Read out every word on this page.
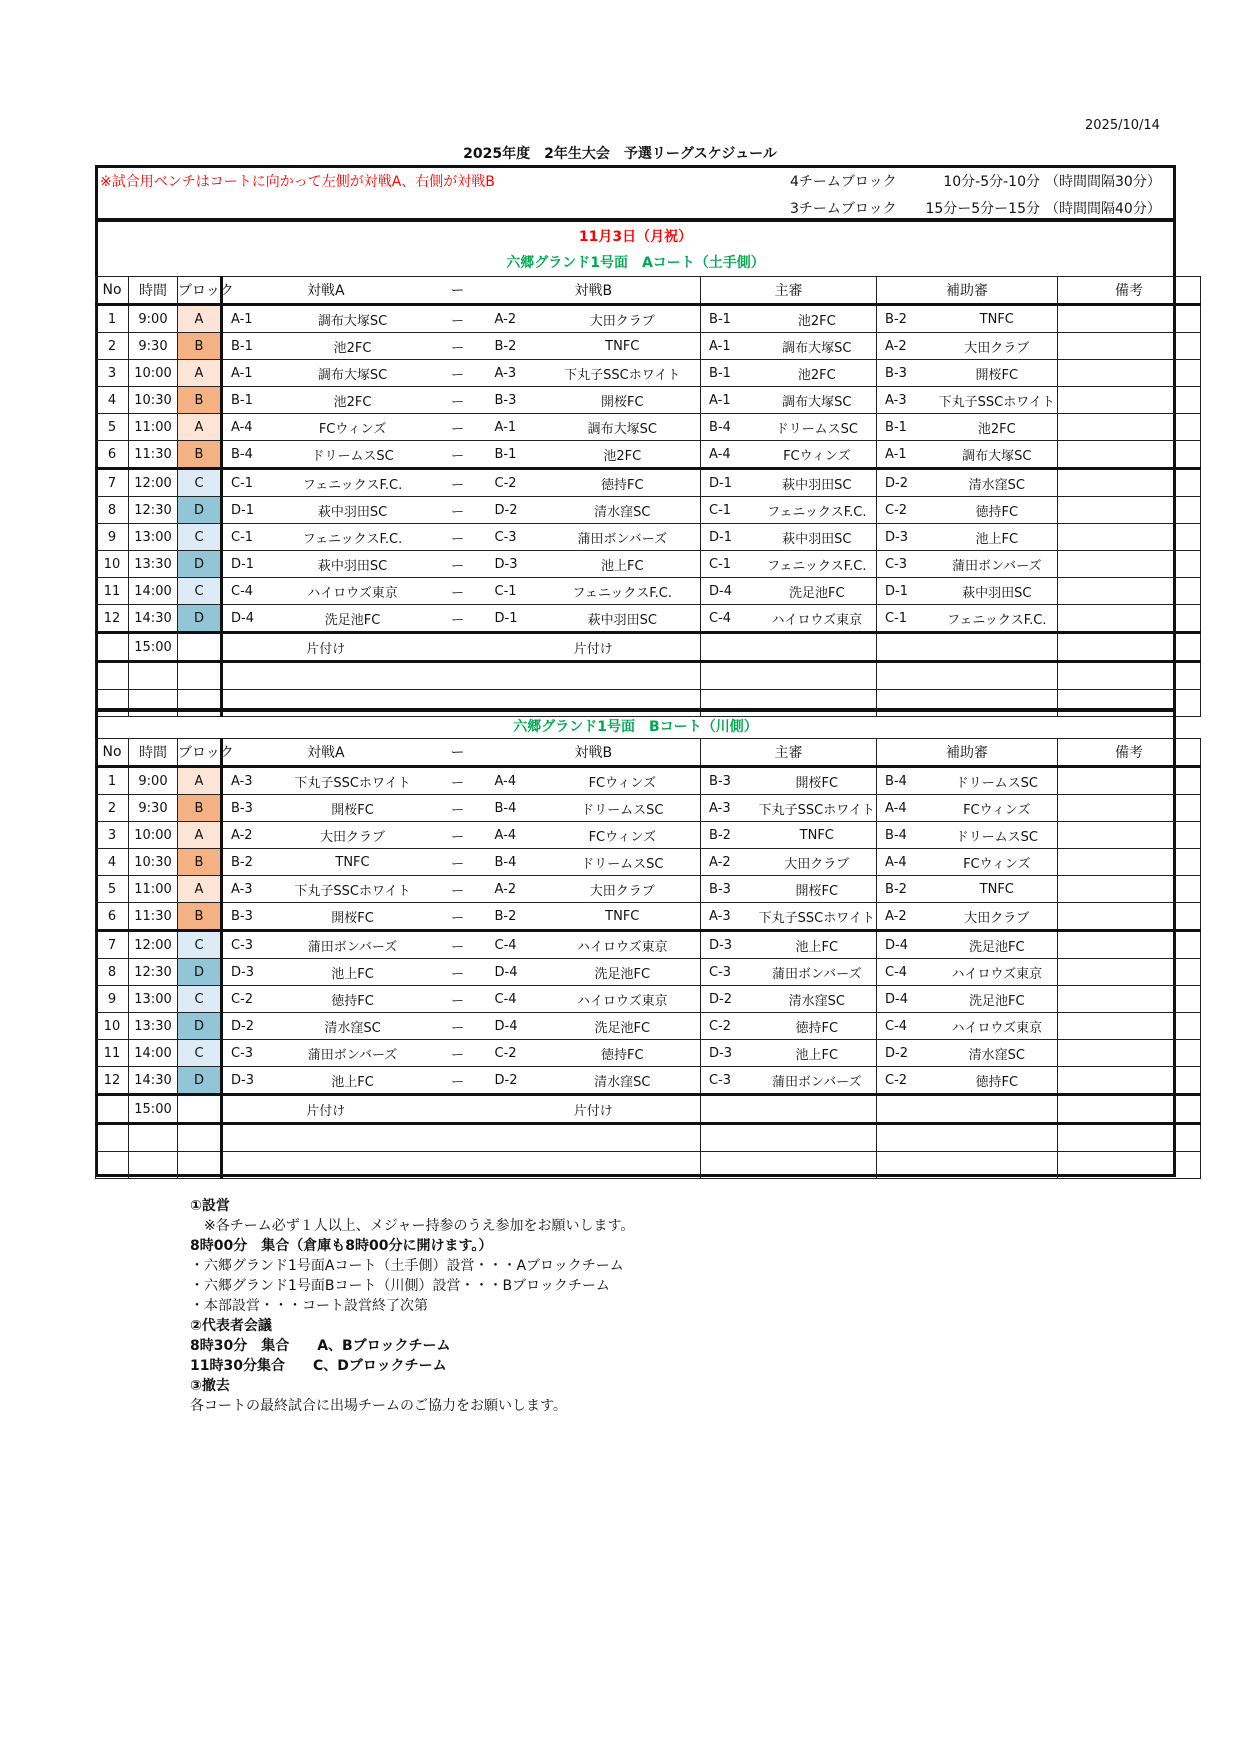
2025/10/14
2025年度　2年生大会　予選リーグスケジュール
※試合用ベンチはコートに向かって左側が対戦A、右側が対戦B	4チームブロック	10分-5分-10分 （時間間隔30分）
3チームブロック	15分ー5分ー15分 （時間間隔40分）
11月3日（月祝）
六郷グランド1号面　Aコート（土手側）
No	時間	ブロック	対戦A		ー	対戦B		主審		補助審		備考
1	9:00	A	A-1	調布大塚SC	ー	A-2	大田クラブ	B-1	池2FC	B-2	TNFC	
2	9:30	B	B-1	池2FC	ー	B-2	TNFC	A-1	調布大塚SC	A-2	大田クラブ	
3	10:00	A	A-1	調布大塚SC	ー	A-3	下丸子SSCホワイト	B-1	池2FC	B-3	開桜FC	
4	10:30	B	B-1	池2FC	ー	B-3	開桜FC	A-1	調布大塚SC	A-3	下丸子SSCホワイト	
5	11:00	A	A-4	FCウィンズ	ー	A-1	調布大塚SC	B-4	ドリームスSC	B-1	池2FC	
6	11:30	B	B-4	ドリームスSC	ー	B-1	池2FC	A-4	FCウィンズ	A-1	調布大塚SC	
7	12:00	C	C-1	フェニックスF.C.	ー	C-2	徳持FC	D-1	萩中羽田SC	D-2	清水窪SC	
8	12:30	D	D-1	萩中羽田SC	ー	D-2	清水窪SC	C-1	フェニックスF.C.	C-2	徳持FC	
9	13:00	C	C-1	フェニックスF.C.	ー	C-3	蒲田ボンバーズ	D-1	萩中羽田SC	D-3	池上FC	
10	13:30	D	D-1	萩中羽田SC	ー	D-3	池上FC	C-1	フェニックスF.C.	C-3	蒲田ボンバーズ	
11	14:00	C	C-4	ハイロウズ東京	ー	C-1	フェニックスF.C.	D-4	洗足池FC	D-1	萩中羽田SC	
12	14:30	D	D-4	洗足池FC	ー	D-1	萩中羽田SC	C-4	ハイロウズ東京	C-1	フェニックスF.C.	
	15:00		片付け			片付け						

六郷グランド1号面　Bコート（川側）
No	時間	ブロック	対戦A		ー	対戦B		主審		補助審		備考
1	9:00	A	A-3	下丸子SSCホワイト	ー	A-4	FCウィンズ	B-3	開桜FC	B-4	ドリームスSC	
2	9:30	B	B-3	開桜FC	ー	B-4	ドリームスSC	A-3	下丸子SSCホワイト	A-4	FCウィンズ	
3	10:00	A	A-2	大田クラブ	ー	A-4	FCウィンズ	B-2	TNFC	B-4	ドリームスSC	
4	10:30	B	B-2	TNFC	ー	B-4	ドリームスSC	A-2	大田クラブ	A-4	FCウィンズ	
5	11:00	A	A-3	下丸子SSCホワイト	ー	A-2	大田クラブ	B-3	開桜FC	B-2	TNFC	
6	11:30	B	B-3	開桜FC	ー	B-2	TNFC	A-3	下丸子SSCホワイト	A-2	大田クラブ	
7	12:00	C	C-3	蒲田ボンバーズ	ー	C-4	ハイロウズ東京	D-3	池上FC	D-4	洗足池FC	
8	12:30	D	D-3	池上FC	ー	D-4	洗足池FC	C-3	蒲田ボンバーズ	C-4	ハイロウズ東京	
9	13:00	C	C-2	徳持FC	ー	C-4	ハイロウズ東京	D-2	清水窪SC	D-4	洗足池FC	
10	13:30	D	D-2	清水窪SC	ー	D-4	洗足池FC	C-2	徳持FC	C-4	ハイロウズ東京	
11	14:00	C	C-3	蒲田ボンバーズ	ー	C-2	徳持FC	D-3	池上FC	D-2	清水窪SC	
12	14:30	D	D-3	池上FC	ー	D-2	清水窪SC	C-3	蒲田ボンバーズ	C-2	徳持FC	
	15:00		片付け			片付け						

①設営
　※各チーム必ず１人以上、メジャー持参のうえ参加をお願いします。
8時00分　集合（倉庫も8時00分に開けます。）
・六郷グランド1号面Aコート（土手側）設営・・・Aブロックチーム
・六郷グランド1号面Bコート（川側）設営・・・Bブロックチーム
・本部設営・・・コート設営終了次第
②代表者会議
8時30分　集合　　A、Bブロックチーム
11時30分集合　　C、Dブロックチーム
③撤去
各コートの最終試合に出場チームのご協力をお願いします。
